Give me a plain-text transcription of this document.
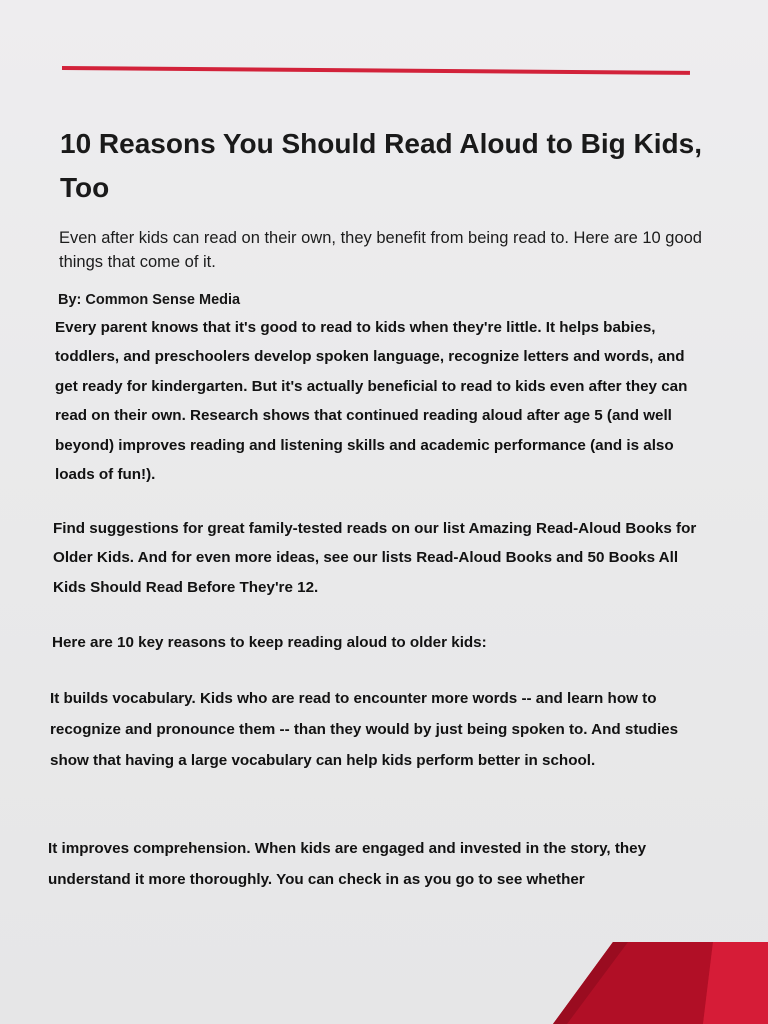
10 Reasons You Should Read Aloud to Big Kids, Too

Even after kids can read on their own, they benefit from being read to. Here are 10 good things that come of it.

By: Common Sense Media

Every parent knows that it's good to read to kids when they're little. It helps babies, toddlers, and preschoolers develop spoken language, recognize letters and words, and get ready for kindergarten. But it's actually beneficial to read to kids even after they can read on their own. Research shows that continued reading aloud after age 5 (and well beyond) improves reading and listening skills and academic performance (and is also loads of fun!).

Find suggestions for great family-tested reads on our list Amazing Read-Aloud Books for Older Kids. And for even more ideas, see our lists Read-Aloud Books and 50 Books All Kids Should Read Before They're 12.

Here are 10 key reasons to keep reading aloud to older kids:

It builds vocabulary. Kids who are read to encounter more words -- and learn how to recognize and pronounce them -- than they would by just being spoken to. And studies show that having a large vocabulary can help kids perform better in school.

It improves comprehension. When kids are engaged and invested in the story, they understand it more thoroughly. You can check in as you go to see whether
